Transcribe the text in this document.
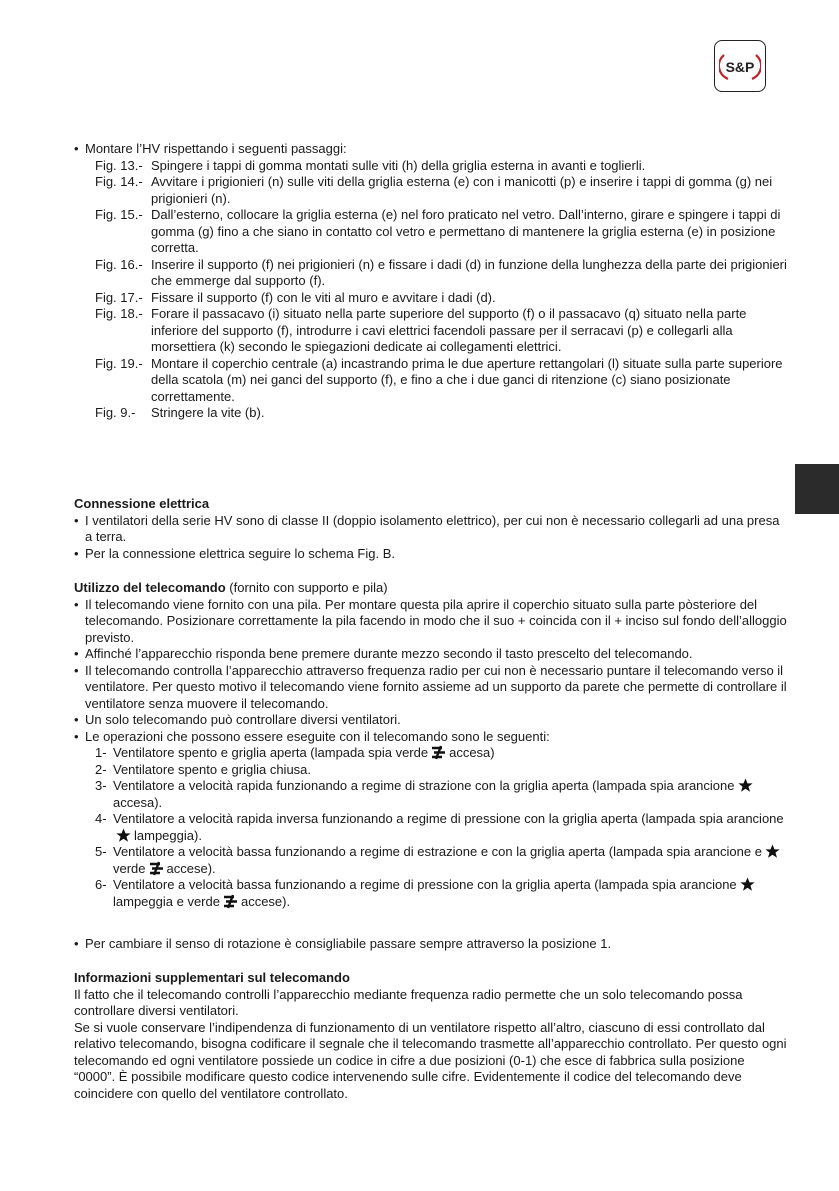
S&P

• Montare l’HV rispettando i seguenti passaggi:

Fig. 13.- Spingere i tappi di gomma montati sulle viti (h) della griglia esterna in avanti e toglierli.
Fig. 14.- Avvitare i prigionieri (n) sulle viti della griglia esterna (e) con i manicotti (p) e inserire i tappi di gomma (g) nei prigionieri (n).
Fig. 15.- Dall’esterno, collocare la griglia esterna (e) nel foro praticato nel vetro. Dall’interno, girare e spingere i tappi di gomma (g) fino a che siano in contatto col vetro e permettano di mantenere la griglia esterna (e) in posizione corretta.
Fig. 16.- Inserire il supporto (f) nei prigionieri (n) e fissare i dadi (d) in funzione della lunghezza della parte dei prigionieri che emmerge dal supporto (f).
Fig. 17.- Fissare il supporto (f) con le viti al muro e avvitare i dadi (d).
Fig. 18.- Forare il passacavo (i) situato nella parte superiore del supporto (f) o il passacavo (q) situato nella parte inferiore del supporto (f), introdurre i cavi elettrici facendoli passare per il serracavi (p) e collegarli alla morsettiera (k) secondo le spiegazioni dedicate ai collegamenti elettrici.
Fig. 19.- Montare il coperchio centrale (a) incastrando prima le due aperture rettangolari (l) situate sulla parte superiore della scatola (m) nei ganci del supporto (f), e fino a che i due ganci di ritenzione (c) siano posizionate correttamente.
Fig. 9.- Stringere la vite (b).

Connessione elettrica

• I ventilatori della serie HV sono di classe II (doppio isolamento elettrico), per cui non è necessario collegarli ad una presa a terra.

• Per la connessione elettrica seguire lo schema Fig. B.

Utilizzo del telecomando (fornito con supporto e pila)

• Il telecomando viene fornito con una pila. Per montare questa pila aprire il coperchio situato sulla parte pòsteriore del telecomando. Posizionare correttamente la pila facendo in modo che il suo + coincida con il + inciso sul fondo dell’alloggio previsto.

• Affinché l’apparecchio risponda bene premere durante mezzo secondo il tasto prescelto del telecomando.

• Il telecomando controlla l’apparecchio attraverso frequenza radio per cui non è necessario puntare il telecomando verso il ventilatore. Per questo motivo il telecomando viene fornito assieme ad un supporto da parete che permette di controllare il ventilatore senza muovere il telecomando.

• Un solo telecomando può controllare diversi ventilatori.

• Le operazioni che possono essere eseguite con il telecomando sono le seguenti:

1- Ventilatore spento e griglia aperta (lampada spia verde accesa)
2- Ventilatore spento e griglia chiusa.
3- Ventilatore a velocità rapida funzionando a regime di strazione con la griglia aperta (lampada spia arancioneaccesa).
4- Ventilatore a velocità rapida inversa funzionando a regime di pressione con la griglia aperta (lampada spia arancionelampeggia).
5- Ventilatore a velocità bassa funzionando a regime di estrazione e con la griglia aperta (lampada spia arancione everde accese).
6- Ventilatore a velocità bassa funzionando a regime di pressione con la griglia aperta (lampada spia arancionelampeggia e verde accese).

• Per cambiare il senso di rotazione è consigliabile passare sempre attraverso la posizione 1.

Informazioni supplementari sul telecomando

Il fatto che il telecomando controlli l’apparecchio mediante frequenza radio permette che un solo telecomando possa controllare diversi ventilatori.

Se si vuole conservare l’indipendenza di funzionamento di un ventilatore rispetto all’altro, ciascuno di essi controllato dal relativo telecomando, bisogna codificare il segnale che il telecomando trasmette all’apparecchio controllato. Per questo ogni telecomando ed ogni ventilatore possiede un codice in cifre a due posizioni (0-1) che esce di fabbrica sulla posizione “0000”. È possibile modificare questo codice intervenendo sulle cifre. Evidentemente il codice del telecomando deve coincidere con quello del ventilatore controllato.
